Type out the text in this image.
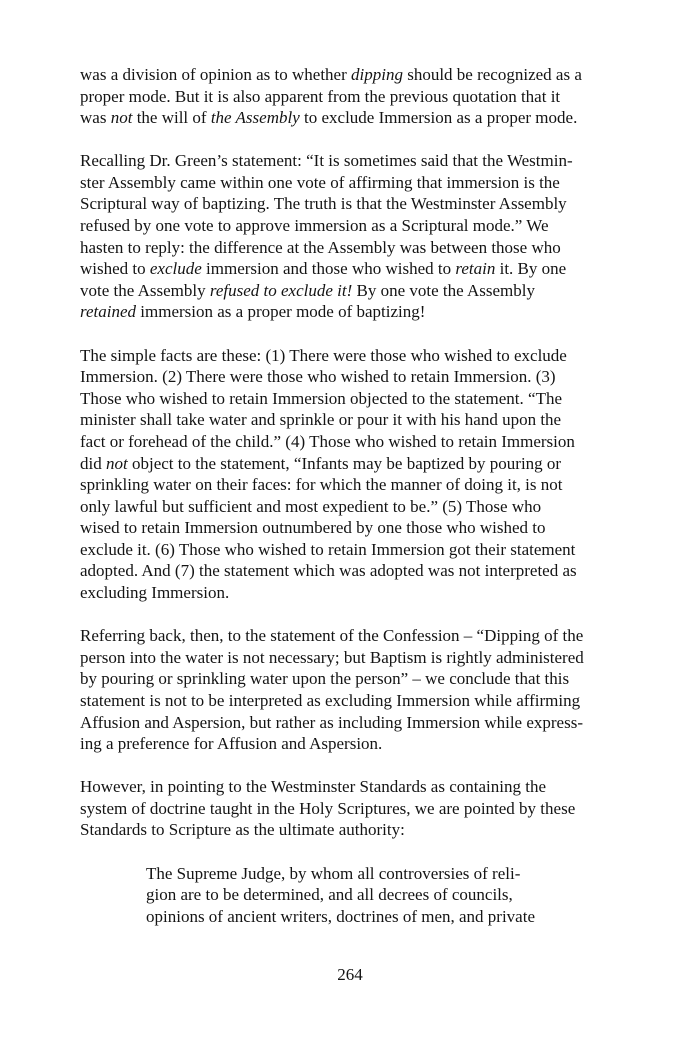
was a division of opinion as to whether dipping should be recognized as a
proper mode. But it is also apparent from the previous quotation that it
was not the will of the Assembly to exclude Immersion as a proper mode.

Recalling Dr. Green’s statement: “It is sometimes said that the Westmin-
ster Assembly came within one vote of affirming that immersion is the
Scriptural way of baptizing. The truth is that the Westminster Assembly
refused by one vote to approve immersion as a Scriptural mode.” We
hasten to reply: the difference at the Assembly was between those who
wished to exclude immersion and those who wished to retain it. By one
vote the Assembly refused to exclude it! By one vote the Assembly
retained immersion as a proper mode of baptizing!

The simple facts are these: (1) There were those who wished to exclude
Immersion. (2) There were those who wished to retain Immersion. (3)
Those who wished to retain Immersion objected to the statement. “The
minister shall take water and sprinkle or pour it with his hand upon the
fact or forehead of the child.” (4) Those who wished to retain Immersion
did not object to the statement, “Infants may be baptized by pouring or
sprinkling water on their faces: for which the manner of doing it, is not
only lawful but sufficient and most expedient to be.” (5) Those who
wised to retain Immersion outnumbered by one those who wished to
exclude it. (6) Those who wished to retain Immersion got their statement
adopted. And (7) the statement which was adopted was not interpreted as
excluding Immersion.

Referring back, then, to the statement of the Confession – “Dipping of the
person into the water is not necessary; but Baptism is rightly administered
by pouring or sprinkling water upon the person” – we conclude that this
statement is not to be interpreted as excluding Immersion while affirming
Affusion and Aspersion, but rather as including Immersion while express-
ing a preference for Affusion and Aspersion.

However, in pointing to the Westminster Standards as containing the
system of doctrine taught in the Holy Scriptures, we are pointed by these
Standards to Scripture as the ultimate authority:

The Supreme Judge, by whom all controversies of reli-
gion are to be determined, and all decrees of councils,
opinions of ancient writers, doctrines of men, and private
264
